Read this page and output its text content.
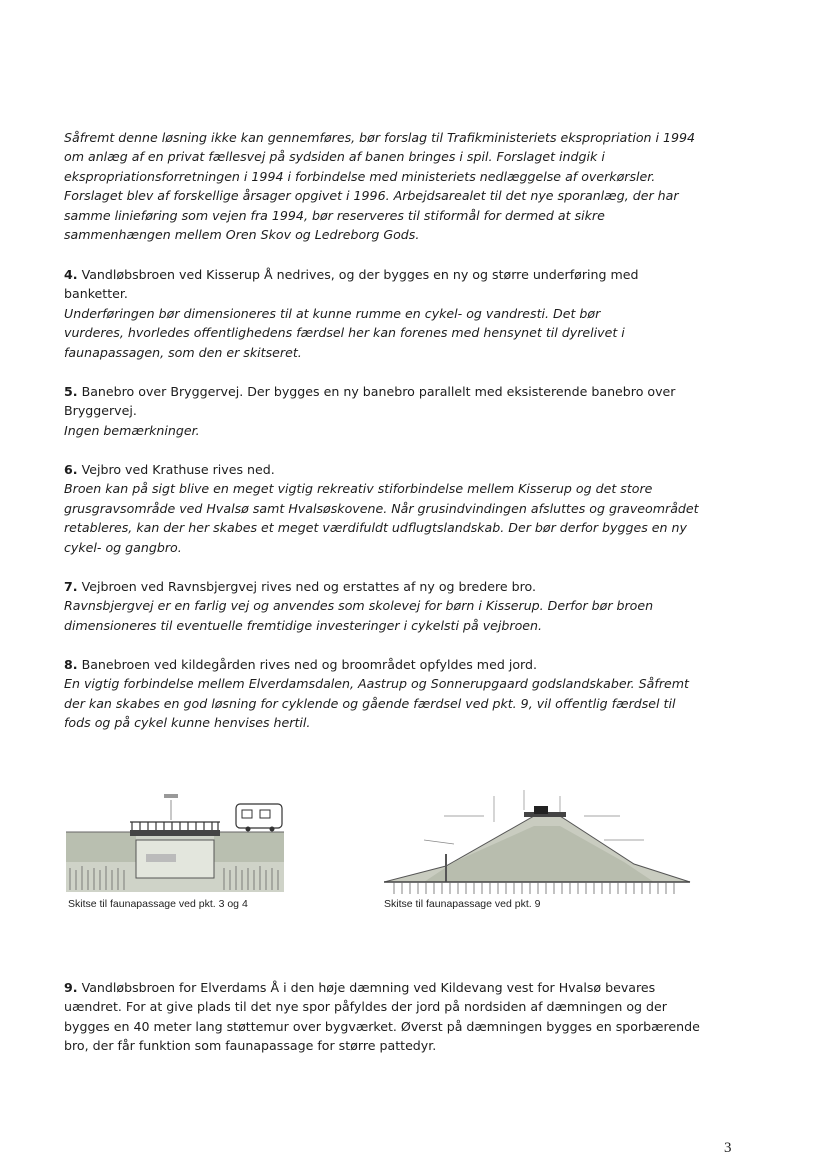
Såfremt denne løsning ikke kan gennemføres, bør forslag til Trafikministeriets ekspropriation i 1994

om anlæg af en privat fællesvej på sydsiden af banen bringes i spil. Forslaget indgik i

ekspropriationsforretningen i 1994 i forbindelse med ministeriets nedlæggelse af overkørsler.

Forslaget blev af forskellige årsager opgivet i 1996. Arbejdsarealet til det nye sporanlæg, der har

samme linieføring som vejen fra 1994, bør reserveres til stiformål for dermed at sikre

sammenhængen mellem Oren Skov og Ledreborg Gods.

4. Vandløbsbroen ved Kisserup Å nedrives, og der bygges en ny og større underføring med

banketter.

Underføringen bør dimensioneres til at kunne rumme en cykel- og vandresti. Det bør

vurderes, hvorledes offentlighedens færdsel her kan forenes med hensynet til dyrelivet i

faunapassagen, som den er skitseret.

5. Banebro over Bryggervej. Der bygges en ny banebro parallelt med eksisterende banebro over

Bryggervej.

Ingen bemærkninger.

6. Vejbro ved Krathuse rives ned.

Broen kan på sigt blive en meget vigtig rekreativ stiforbindelse mellem Kisserup og det store

grusgravsområde ved Hvalsø samt Hvalsøskovene. Når grusindvindingen afsluttes og graveområdet

retableres, kan der her skabes et meget værdifuldt udflugtslandskab. Der bør derfor bygges en ny

cykel- og gangbro.

7. Vejbroen ved Ravnsbjergvej rives ned og erstattes af ny og bredere bro.

Ravnsbjergvej er en farlig vej og anvendes som skolevej for børn i Kisserup. Derfor bør broen

dimensioneres til eventuelle fremtidige investeringer i cykelsti på vejbroen.

8. Banebroen ved kildegården rives ned og broområdet opfyldes med jord.

En vigtig forbindelse mellem Elverdamsdalen, Aastrup og Sonnerupgaard godslandskaber. Såfremt

der kan skabes en god løsning for cyklende og gående færdsel ved pkt. 9, vil offentlig færdsel til

fods og på cykel kunne henvises hertil.

Skitse til faunapassage ved pkt. 3 og 4	Skitse til faunapassage ved pkt. 9

9. Vandløbsbroen for Elverdams Å i den høje dæmning ved Kildevang vest for Hvalsø bevares

uændret. For at give plads til det nye spor påfyldes der jord på nordsiden af dæmningen og der

bygges en 40 meter lang støttemur over bygværket. Øverst på dæmningen bygges en sporbærende

bro, der får funktion som faunapassage for større pattedyr.

3
